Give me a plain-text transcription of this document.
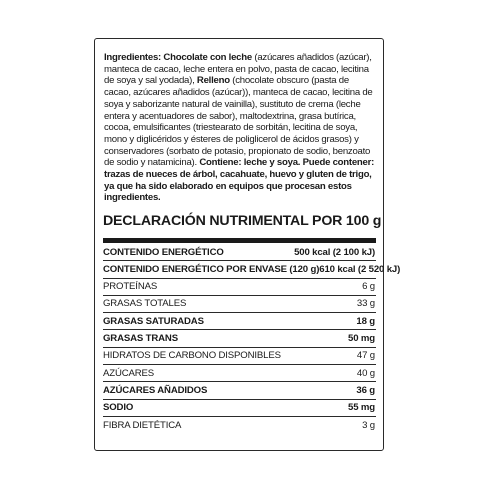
Ingredientes: Chocolate con leche (azúcares añadidos (azúcar), manteca de cacao, leche entera en polvo, pasta de cacao, lecitina de soya y sal yodada), Relleno (chocolate obscuro (pasta de cacao, azúcares añadidos (azúcar)), manteca de cacao, lecitina de soya y saborizante natural de vainilla), sustituto de crema (leche entera y acentuadores de sabor), maltodextrina, grasa butírica, cocoa, emulsificantes (triestearato de sorbitán, lecitina de soya, mono y diglicéridos y ésteres de poliglicerol de ácidos grasos) y conservadores (sorbato de potasio, propionato de sodio, benzoato de sodio y natamicina). Contiene: leche y soya. Puede contener: trazas de nueces de árbol, cacahuate, huevo y gluten de trigo, ya que ha sido elaborado en equipos que procesan estos ingredientes.
DECLARACIÓN NUTRIMENTAL POR 100 g
CONTENIDO ENERGÉTICO	500 kcal (2 100 kJ)
CONTENIDO ENERGÉTICO POR ENVASE (120 g) 610 kcal (2 520 kJ)
PROTEÍNAS	6 g
GRASAS TOTALES	33 g
GRASAS SATURADAS	18 g
GRASAS TRANS	50 mg
HIDRATOS DE CARBONO DISPONIBLES	47 g
AZÚCARES	40 g
AZÚCARES AÑADIDOS	36 g
SODIO	55 mg
FIBRA DIETÉTICA	3 g
